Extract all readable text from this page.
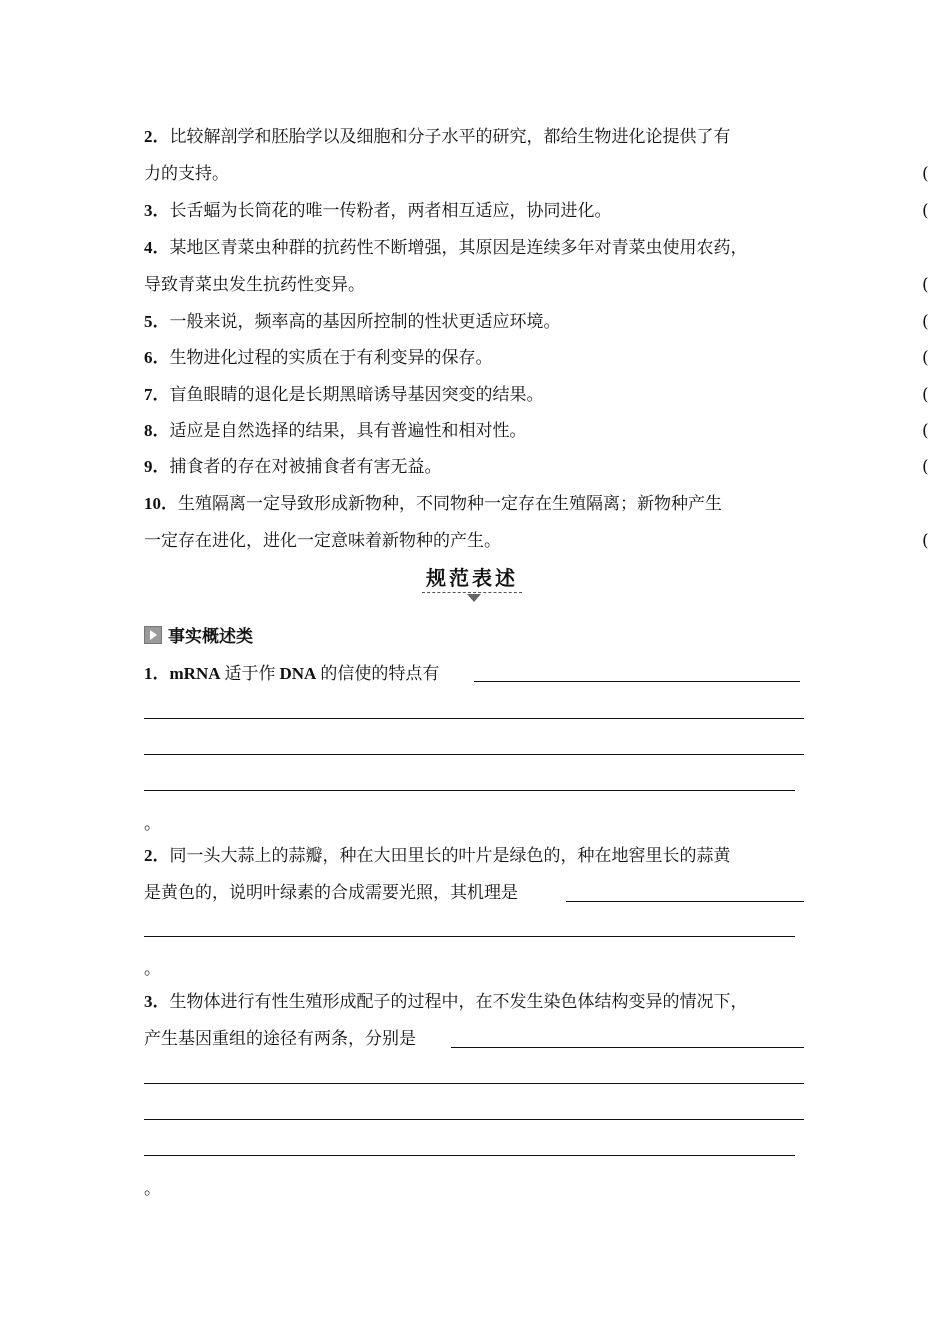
2．比较解剖学和胚胎学以及细胞和分子水平的研究，都给生物进化论提供了有
力的支持。	(
3．长舌蝠为长筒花的唯一传粉者，两者相互适应，协同进化。	(
4．某地区青菜虫种群的抗药性不断增强，其原因是连续多年对青菜虫使用农药，
导致青菜虫发生抗药性变异。	(
5．一般来说，频率高的基因所控制的性状更适应环境。	(
6．生物进化过程的实质在于有利变异的保存。	(
7．盲鱼眼睛的退化是长期黑暗诱导基因突变的结果。	(
8．适应是自然选择的结果，具有普遍性和相对性。	(
9．捕食者的存在对被捕食者有害无益。	(
10．生殖隔离一定导致形成新物种，不同物种一定存在生殖隔离；新物种产生
一定存在进化，进化一定意味着新物种的产生。	(
规范表述
事实概述类
1．mRNA 适于作 DNA 的信使的特点有
。
2．同一头大蒜上的蒜瓣，种在大田里长的叶片是绿色的，种在地窖里长的蒜黄
是黄色的，说明叶绿素的合成需要光照，其机理是
。
3．生物体进行有性生殖形成配子的过程中，在不发生染色体结构变异的情况下，
产生基因重组的途径有两条，分别是
。
